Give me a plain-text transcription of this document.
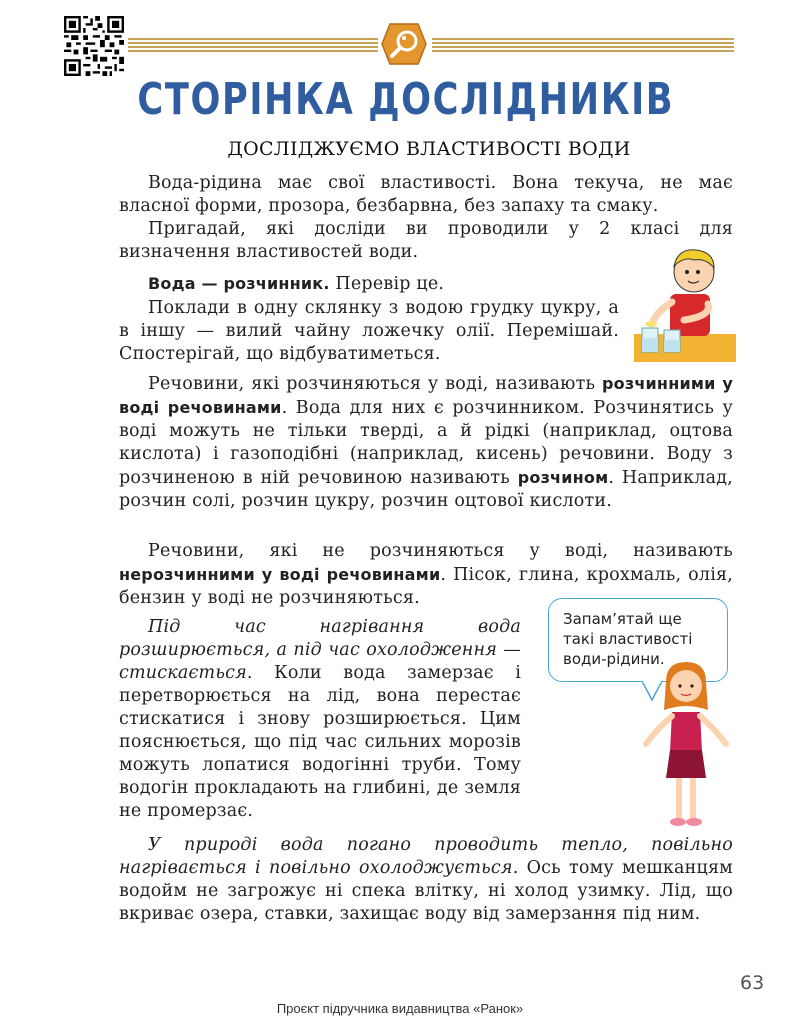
СТОРІНКА ДОСЛІДНИКІВ
ДОСЛІДЖУЄМО ВЛАСТИВОСТІ ВОДИ
Вода-рідина має свої властивості. Вона текуча, не має власної форми, прозора, безбарвна, без запаху та смаку.
Пригадай, які досліди ви проводили у 2 класі для визначення властивостей води.
Вода — розчинник. Перевір це.
Поклади в одну склянку з водою грудку цукру, а в іншу — вилий чайну ложечку олії. Перемішай. Спостерігай, що відбуватиметься.
Речовини, які розчиняються у воді, називають розчинними у воді речовинами. Вода для них є розчинником. Розчинятись у воді можуть не тільки тверді, а й рідкі (наприклад, оцтова кислота) і газоподібні (наприклад, кисень) речовини. Воду з розчиненою в ній речовиною називають розчином. Наприклад, розчин солі, розчин цукру, розчин оцтової кислоти.
Речовини, які не розчиняються у воді, називають нерозчинними у воді речовинами. Пісок, глина, крохмаль, олія, бензин у воді не розчиняються.
Під час нагрівання вода розширюється, а під час охолодження — стискається. Коли вода замерзає і перетворюється на лід, вона перестає стискатися і знову розширюється. Цим пояснюється, що під час сильних морозів можуть лопатися водогінні труби. Тому водогін прокладають на глибині, де земля не промерзає.
Запам’ятай ще такі властивості води-рідини.
У природі вода погано проводить тепло, повільно нагрівається і повільно охолоджується. Ось тому мешканцям водойм не загрожує ні спека влітку, ні холод узимку. Лід, що вкриває озера, ставки, захищає воду від замерзання під ним.
63
Проєкт підручника видавництва «Ранок»
